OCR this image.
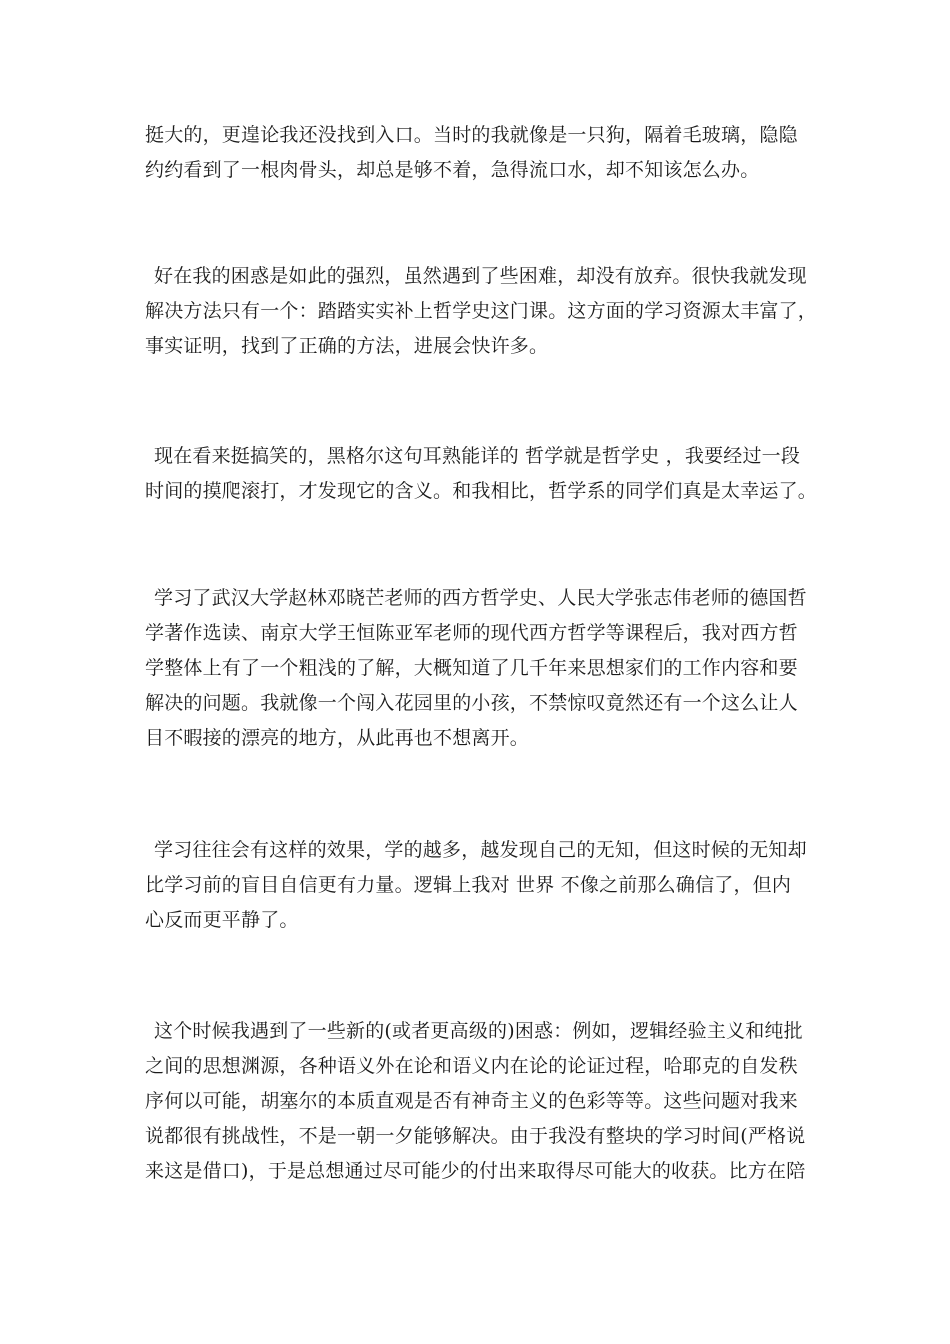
挺大的，更遑论我还没找到入口。当时的我就像是一只狗，隔着毛玻璃，隐隐
约约看到了一根肉骨头，却总是够不着，急得流口水，却不知该怎么办。
好在我的困惑是如此的强烈，虽然遇到了些困难，却没有放弃。很快我就发现
解决方法只有一个：踏踏实实补上哲学史这门课。这方面的学习资源太丰富了，
事实证明，找到了正确的方法，进展会快许多。
现在看来挺搞笑的，黑格尔这句耳熟能详的 哲学就是哲学史 ，我要经过一段
时间的摸爬滚打，才发现它的含义。和我相比，哲学系的同学们真是太幸运了。
学习了武汉大学赵林邓晓芒老师的西方哲学史、人民大学张志伟老师的德国哲
学著作选读、南京大学王恒陈亚军老师的现代西方哲学等课程后，我对西方哲
学整体上有了一个粗浅的了解，大概知道了几千年来思想家们的工作内容和要
解决的问题。我就像一个闯入花园里的小孩，不禁惊叹竟然还有一个这么让人
目不暇接的漂亮的地方，从此再也不想离开。
学习往往会有这样的效果，学的越多，越发现自己的无知，但这时候的无知却
比学习前的盲目自信更有力量。逻辑上我对 世界 不像之前那么确信了，但内
心反而更平静了。
这个时候我遇到了一些新的(或者更高级的)困惑：例如，逻辑经验主义和纯批
之间的思想渊源，各种语义外在论和语义内在论的论证过程，哈耶克的自发秩
序何以可能，胡塞尔的本质直观是否有神奇主义的色彩等等。这些问题对我来
说都很有挑战性，不是一朝一夕能够解决。由于我没有整块的学习时间(严格说
来这是借口)，于是总想通过尽可能少的付出来取得尽可能大的收获。比方在陪
